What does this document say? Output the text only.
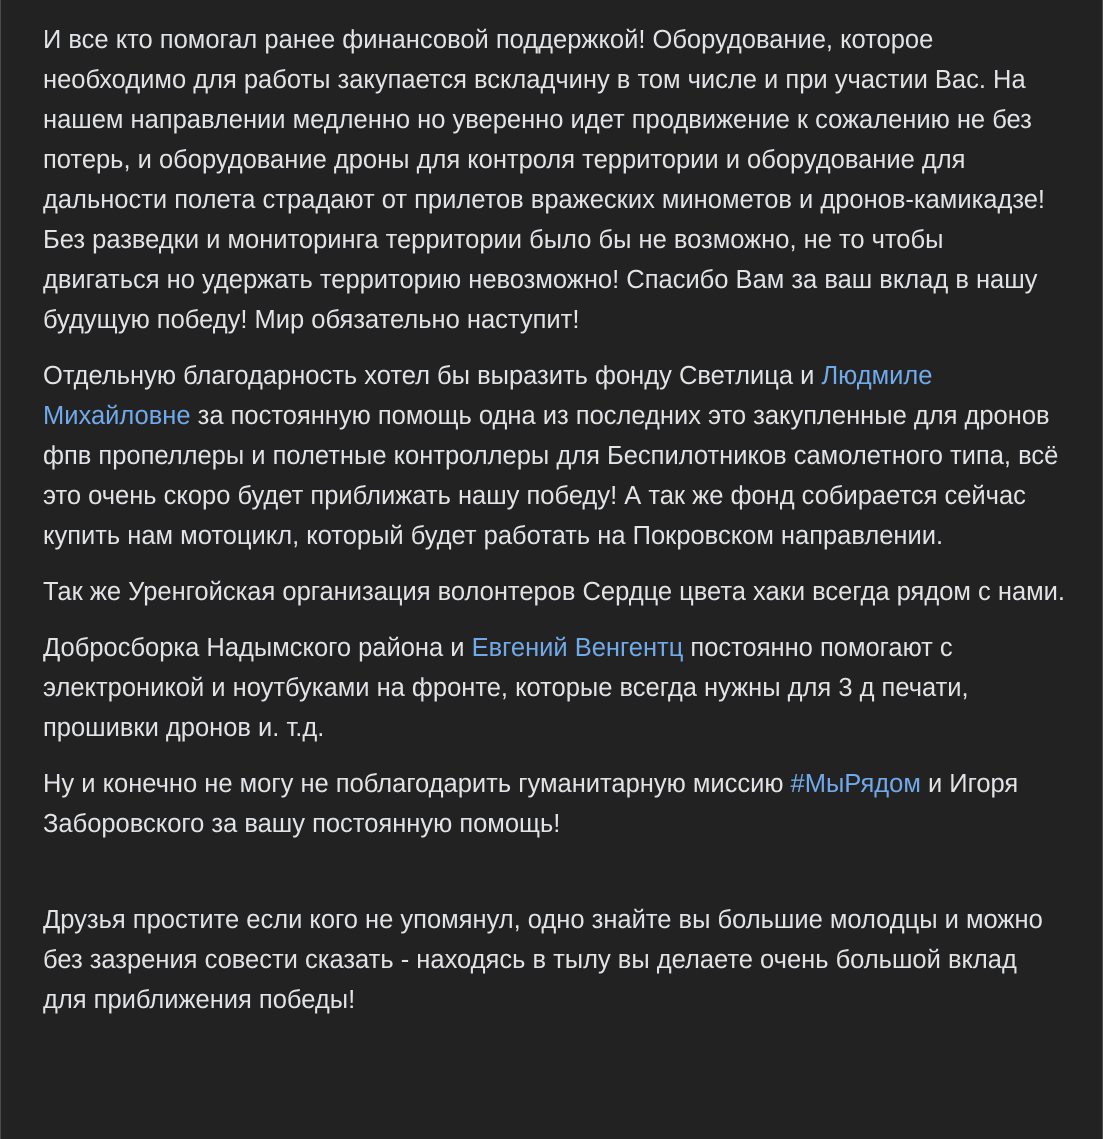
И все кто помогал ранее финансовой поддержкой! Оборудование, которое необходимо для работы закупается вскладчину в том числе и при участии Вас. На нашем направлении медленно но уверенно идет продвижение к сожалению не без потерь, и оборудование дроны для контроля территории и оборудование для дальности полета страдают от прилетов вражеских минометов и дронов-камикадзе! Без разведки и мониторинга территории было бы не возможно, не то чтобы двигаться но удержать территорию невозможно! Спасибо Вам за ваш вклад в нашу будущую победу! Мир обязательно наступит!

Отдельную благодарность хотел бы выразить фонду Светлица и Людмиле Михайловне за постоянную помощь одна из последних это закупленные для дронов фпв пропеллеры и полетные контроллеры для Беспилотников самолетного типа, всё это очень скоро будет приближать нашу победу! А так же фонд собирается сейчас купить нам мотоцикл, который будет работать на Покровском направлении.

Так же Уренгойская организация волонтеров Сердце цвета хаки всегда рядом с нами.

Добросборка Надымского района и Евгений Венгентц постоянно помогают с электроникой и ноутбуками на фронте, которые всегда нужны для 3 д печати, прошивки дронов и. т.д.

Ну и конечно не могу не поблагодарить гуманитарную миссию #МыРядом и Игоря Заборовского за вашу постоянную помощь!

Друзья простите если кого не упомянул, одно знайте вы большие молодцы и можно без зазрения совести сказать - находясь в тылу вы делаете очень большой вклад для приближения победы!
